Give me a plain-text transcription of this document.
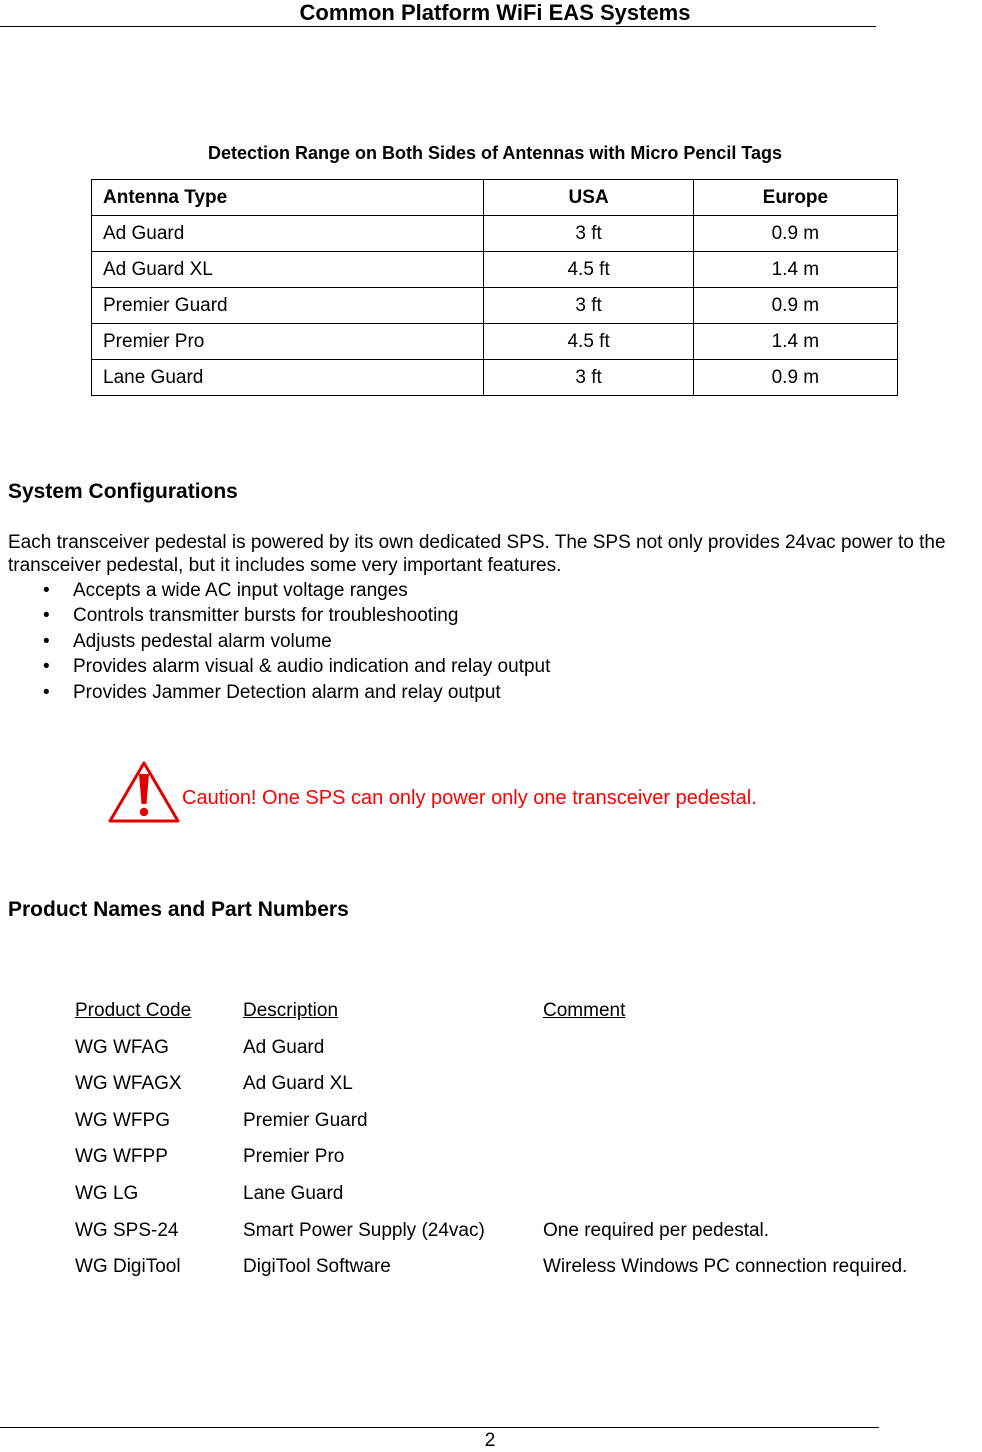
Common Platform WiFi EAS Systems
Detection Range on Both Sides of Antennas with Micro Pencil Tags
Antenna Type	USA	Europe
Ad Guard	3 ft	0.9 m
Ad Guard XL	4.5 ft	1.4 m
Premier Guard	3 ft	0.9 m
Premier Pro	4.5 ft	1.4 m
Lane Guard	3 ft	0.9 m
System Configurations
Each transceiver pedestal is powered by its own dedicated SPS. The SPS not only provides 24vac power to the transceiver pedestal, but it includes some very important features.
• Accepts a wide AC input voltage ranges
• Controls transmitter bursts for troubleshooting
• Adjusts pedestal alarm volume
• Provides alarm visual & audio indication and relay output
• Provides Jammer Detection alarm and relay output
Caution! One SPS can only power only one transceiver pedestal.
Product Names and Part Numbers
Product Code	Description	Comment
WG WFAG	Ad Guard
WG WFAGX	Ad Guard XL
WG WFPG	Premier Guard
WG WFPP	Premier Pro
WG LG	Lane Guard
WG SPS-24	Smart Power Supply (24vac)	One required per pedestal.
WG DigiTool	DigiTool Software	Wireless Windows PC connection required.
2
